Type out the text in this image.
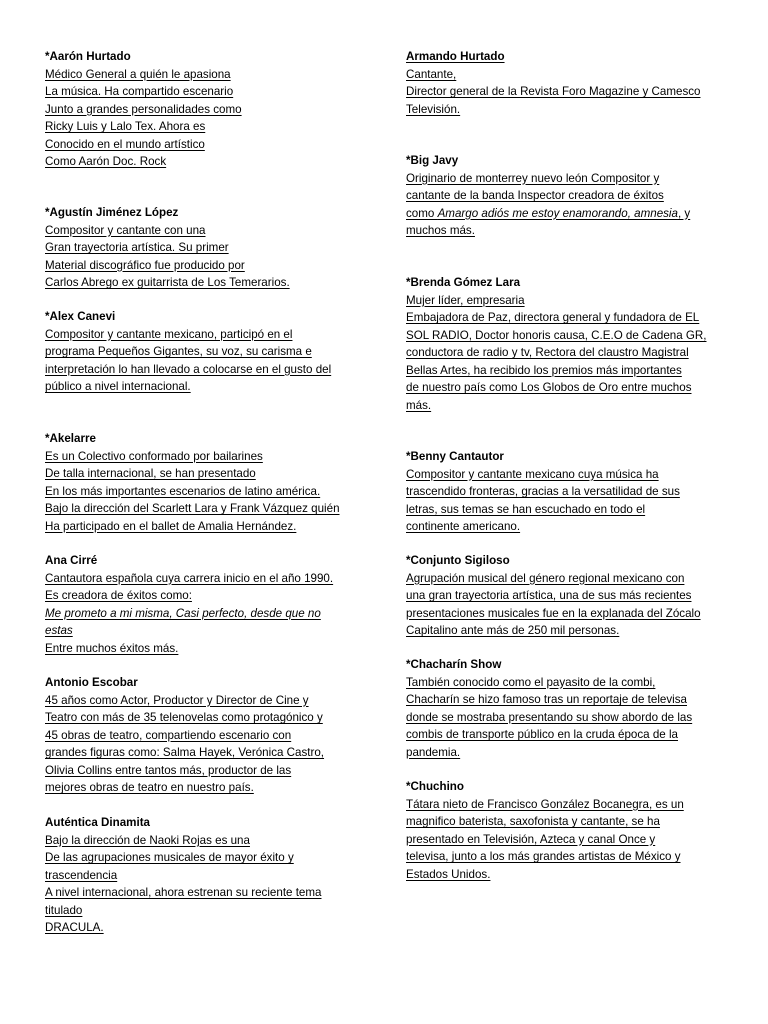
*Aarón Hurtado
Médico General a quién le apasiona
La música. Ha compartido escenario
Junto a grandes personalidades como
Ricky Luis y Lalo Tex. Ahora es
Conocido en el mundo artístico
Como Aarón Doc. Rock
*Agustín Jiménez López
Compositor y cantante con una
Gran trayectoria artística. Su primer
Material discográfico fue producido por
Carlos Abrego ex guitarrista de Los Temerarios.
*Alex Canevi
Compositor y cantante mexicano, participó en el
programa Pequeños Gigantes, su voz, su carisma e
interpretación lo han llevado a colocarse en el gusto del
público a nivel internacional.
*Akelarre
Es un Colectivo conformado por bailarines
De talla internacional, se han presentado
En los más importantes escenarios de latino américa.
Bajo la dirección del Scarlett Lara y Frank Vázquez quién
Ha participado en el ballet de Amalia Hernández.
Ana Cirré
Cantautora española cuya carrera inicio en el año 1990.
Es creadora de éxitos como:
Me prometo a mi misma, Casi perfecto, desde que no
estas
Entre muchos éxitos más.
Antonio Escobar
45 años como Actor, Productor y Director de Cine y
Teatro con más de 35 telenovelas como protagónico y
45 obras de teatro, compartiendo escenario con
grandes figuras como: Salma Hayek, Verónica Castro,
Olivia Collins entre tantos más, productor de las
mejores obras de teatro en nuestro país.
Auténtica Dinamita
Bajo la dirección de Naoki Rojas es una
De las agrupaciones musicales de mayor éxito y
trascendencia
A nivel internacional, ahora estrenan su reciente tema
titulado
DRACULA.
Armando Hurtado
Cantante,
Director general de la Revista Foro Magazine y Camesco
Televisión.
*Big Javy
Originario de monterrey nuevo león Compositor y
cantante de la banda Inspector creadora de éxitos
como Amargo adiós me estoy enamorando, amnesia, y
muchos más.
*Brenda Gómez Lara
Mujer líder, empresaria
Embajadora de Paz, directora general y fundadora de EL
SOL RADIO, Doctor honoris causa, C.E.O de Cadena GR,
conductora de radio y tv, Rectora del claustro Magistral
Bellas Artes, ha recibido los premios más importantes
de nuestro país como Los Globos de Oro entre muchos
más.
*Benny Cantautor
Compositor y cantante mexicano cuya música ha
trascendido fronteras, gracias a la versatilidad de sus
letras, sus temas se han escuchado en todo el
continente americano.
*Conjunto Sigiloso
Agrupación musical del género regional mexicano con
una gran trayectoria artística, una de sus más recientes
presentaciones musicales fue en la explanada del Zócalo
Capitalino ante más de 250 mil personas.
*Chacharín Show
También conocido como el payasito de la combi,
Chacharín se hizo famoso tras un reportaje de televisa
donde se mostraba presentando su show abordo de las
combis de transporte público en la cruda época de la
pandemia.
*Chuchino
Tátara nieto de Francisco González Bocanegra, es un
magnifico baterista, saxofonista y cantante, se ha
presentado en Televisión, Azteca y canal Once y
televisa, junto a los más grandes artistas de México y
Estados Unidos.
